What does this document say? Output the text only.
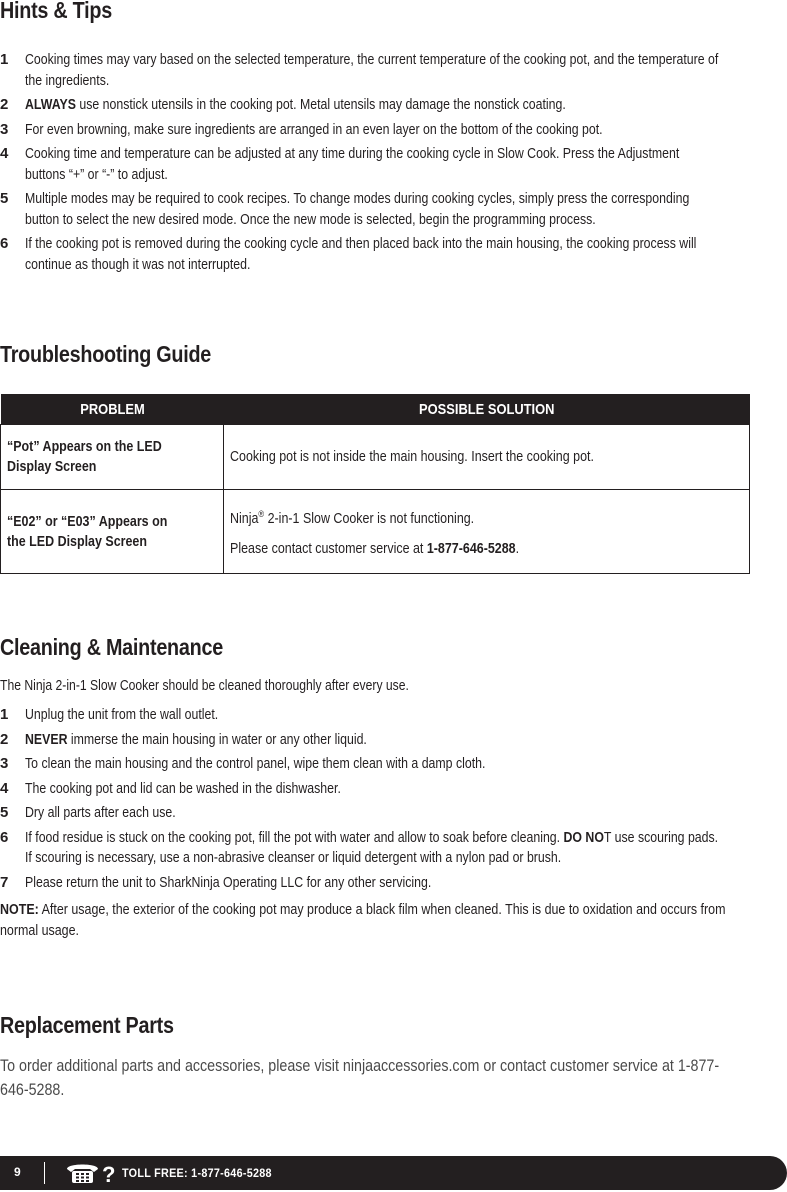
Hints & Tips
1 Cooking times may vary based on the selected temperature, the current temperature of the cooking pot, and the temperature of the ingredients.
2 ALWAYS use nonstick utensils in the cooking pot. Metal utensils may damage the nonstick coating.
3 For even browning, make sure ingredients are arranged in an even layer on the bottom of the cooking pot.
4 Cooking time and temperature can be adjusted at any time during the cooking cycle in Slow Cook. Press the Adjustment buttons “+” or “-” to adjust.
5 Multiple modes may be required to cook recipes. To change modes during cooking cycles, simply press the corresponding button to select the new desired mode. Once the new mode is selected, begin the programming process.
6 If the cooking pot is removed during the cooking cycle and then placed back into the main housing, the cooking process will continue as though it was not interrupted.
Troubleshooting Guide
PROBLEM	POSSIBLE SOLUTION

“Pot” Appears on the LED Display Screen	Cooking pot is not inside the main housing. Insert the cooking pot.

“E02” or “E03” Appears on the LED Display Screen	Ninja® 2-in-1 Slow Cooker is not functioning.
Please contact customer service at 1-877-646-5288.
Cleaning & Maintenance
The Ninja 2-in-1 Slow Cooker should be cleaned thoroughly after every use.
1 Unplug the unit from the wall outlet.
2 NEVER immerse the main housing in water or any other liquid.
3 To clean the main housing and the control panel, wipe them clean with a damp cloth.
4 The cooking pot and lid can be washed in the dishwasher.
5 Dry all parts after each use.
6 If food residue is stuck on the cooking pot, fill the pot with water and allow to soak before cleaning. DO NOT use scouring pads. If scouring is necessary, use a non-abrasive cleanser or liquid detergent with a nylon pad or brush.
7 Please return the unit to SharkNinja Operating LLC for any other servicing.
NOTE: After usage, the exterior of the cooking pot may produce a black film when cleaned. This is due to oxidation and occurs from normal usage.
Replacement Parts
To order additional parts and accessories, please visit ninjaaccessories.com or contact customer service at 1-877-646-5288.
9	? TOLL FREE: 1-877-646-5288
